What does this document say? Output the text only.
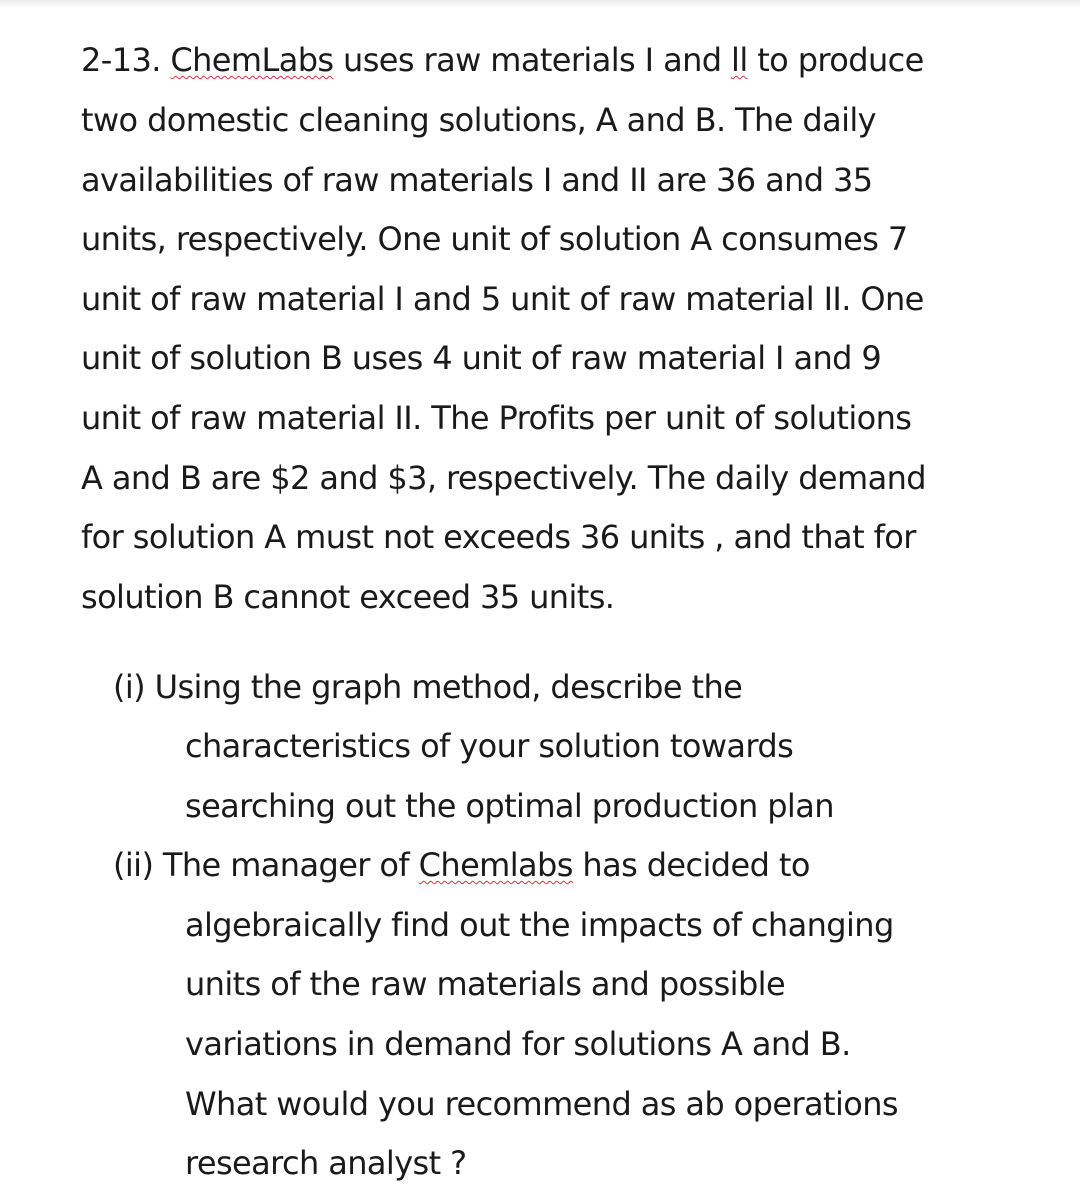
2-13. ChemLabs uses raw materials I and ll to produce
two domestic cleaning solutions, A and B. The daily
availabilities of raw materials I and II are 36 and 35
units, respectively. One unit of solution A consumes 7
unit of raw material I and 5 unit of raw material II. One
unit of solution B uses 4 unit of raw material I and 9
unit of raw material II. The Profits per unit of solutions
A and B are $2 and $3, respectively. The daily demand
for solution A must not exceeds 36 units , and that for
solution B cannot exceed 35 units.
(i) Using the graph method, describe the
characteristics of your solution towards
searching out the optimal production plan
(ii) The manager of Chemlabs has decided to
algebraically find out the impacts of changing
units of the raw materials and possible
variations in demand for solutions A and B.
What would you recommend as ab operations
research analyst ?
